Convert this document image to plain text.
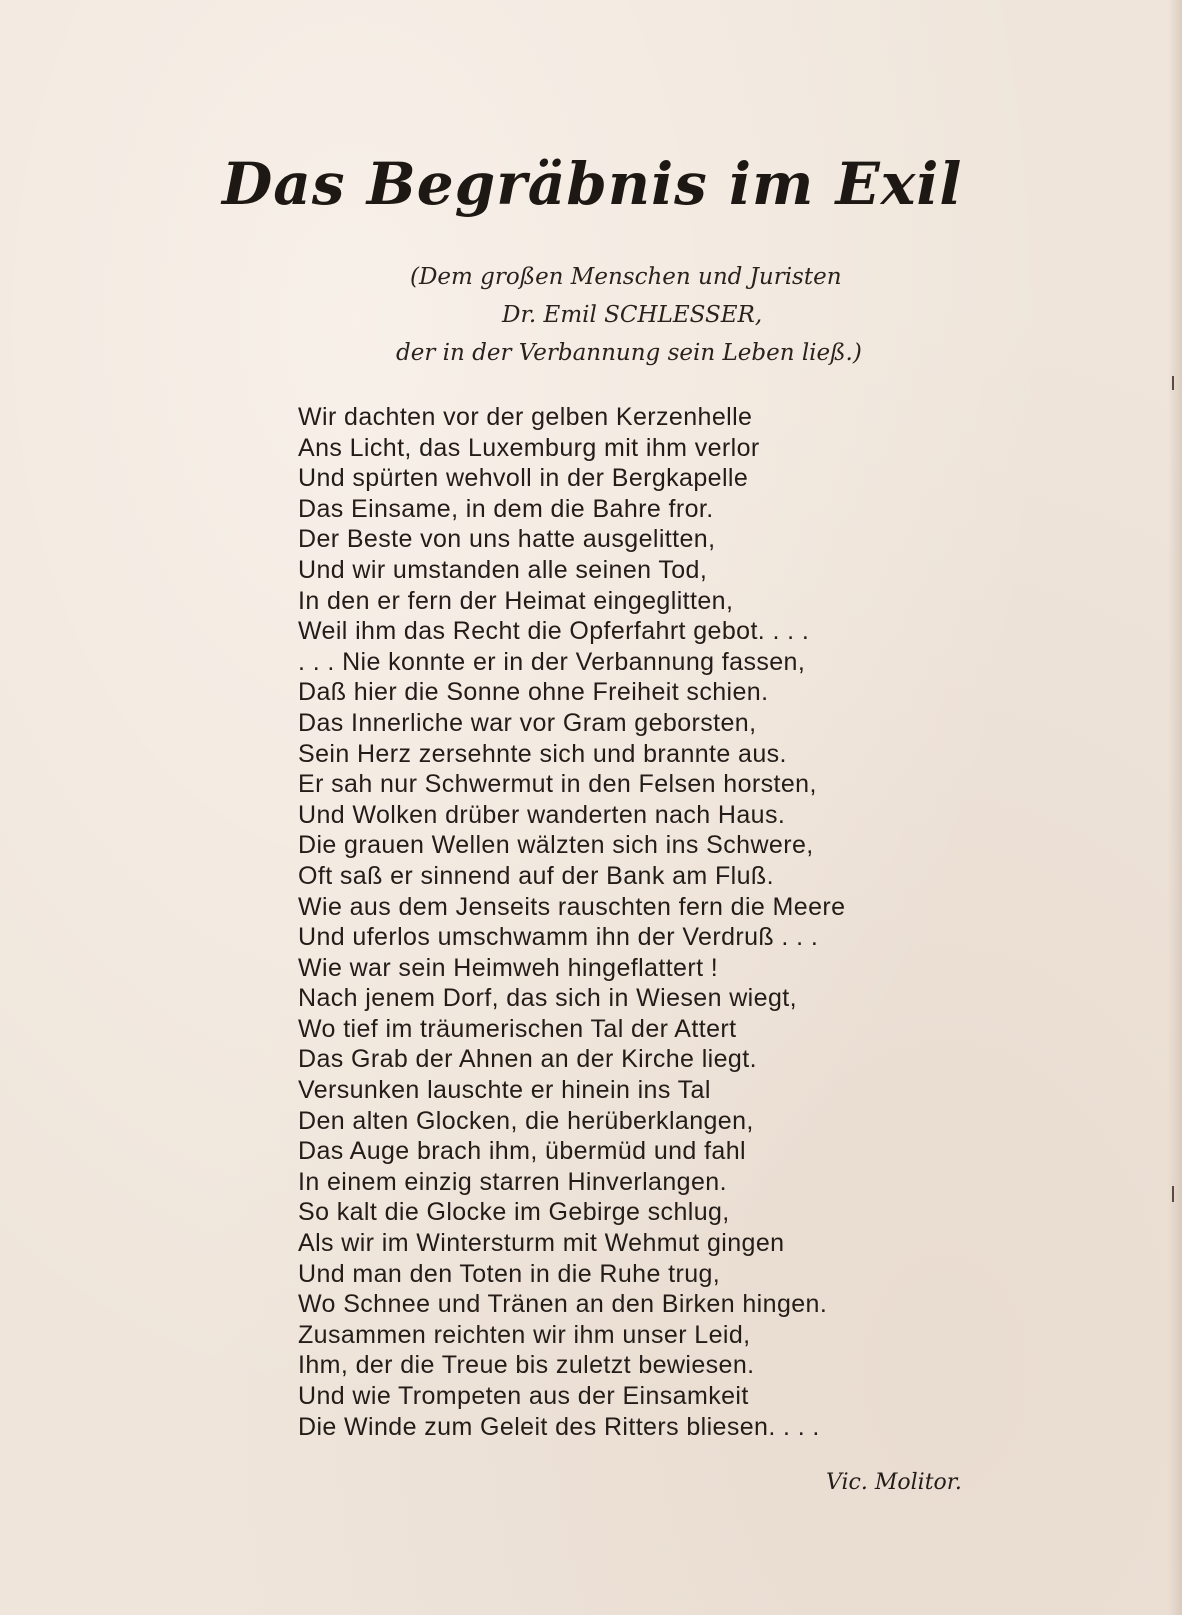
Das Begräbnis im Exil
(Dem großen Menschen und Juristen
Dr. Emil SCHLESSER,
der in der Verbannung sein Leben ließ.)
Wir dachten vor der gelben Kerzenhelle
Ans Licht, das Luxemburg mit ihm verlor
Und spürten wehvoll in der Bergkapelle
Das Einsame, in dem die Bahre fror.
Der Beste von uns hatte ausgelitten,
Und wir umstanden alle seinen Tod,
In den er fern der Heimat eingeglitten,
Weil ihm das Recht die Opferfahrt gebot. . . .
. . . Nie konnte er in der Verbannung fassen,
Daß hier die Sonne ohne Freiheit schien.
Das Innerliche war vor Gram geborsten,
Sein Herz zersehnte sich und brannte aus.
Er sah nur Schwermut in den Felsen horsten,
Und Wolken drüber wanderten nach Haus.
Die grauen Wellen wälzten sich ins Schwere,
Oft saß er sinnend auf der Bank am Fluß.
Wie aus dem Jenseits rauschten fern die Meere
Und uferlos umschwamm ihn der Verdruß . . .
Wie war sein Heimweh hingeflattert !
Nach jenem Dorf, das sich in Wiesen wiegt,
Wo tief im träumerischen Tal der Attert
Das Grab der Ahnen an der Kirche liegt.
Versunken lauschte er hinein ins Tal
Den alten Glocken, die herüberklangen,
Das Auge brach ihm, übermüd und fahl
In einem einzig starren Hinverlangen.
So kalt die Glocke im Gebirge schlug,
Als wir im Wintersturm mit Wehmut gingen
Und man den Toten in die Ruhe trug,
Wo Schnee und Tränen an den Birken hingen.
Zusammen reichten wir ihm unser Leid,
Ihm, der die Treue bis zuletzt bewiesen.
Und wie Trompeten aus der Einsamkeit
Die Winde zum Geleit des Ritters bliesen. . . .
Vic. Molitor.
